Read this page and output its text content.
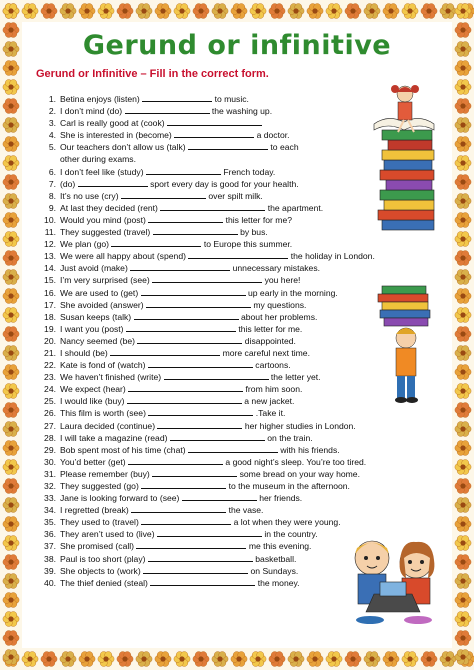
Gerund or infinitive
Gerund or Infinitive – Fill in the correct form.
1. Betina enjoys (listen)	to music.
2. I don’t mind (do)	the washing up.
3. Carl is really good at (cook)
4. She is interested in (become)	a doctor.
5. Our teachers don’t allow us (talk)	to each
other during exams.
6. I don’t feel like (study)	French today.
7. (do)	sport every day is good for your health.
8. It’s no use (cry)	over spilt milk.
9. At last they decided (rent)	the apartment.
10. Would you mind (post)	this letter for me?
11. They suggested (travel)	by bus.
12. We plan (go)	to Europe this summer.
13. We were all happy about (spend)	the holiday in London.
14. Just avoid (make)	unnecessary mistakes.
15. I’m very surprised (see)	you here!
16. We are used to (get)	up early in the morning.
17. She avoided (answer)	my questions.
18. Susan keeps (talk)	about her problems.
19. I want you (post)	this letter for me.
20. Nancy seemed (be)	disappointed.
21. I should (be)	more careful next time.
22. Kate is fond of (watch)	cartoons.
23. We haven’t finished (write)	the letter yet.
24. We expect (hear)	from him soon.
25. I would like (buy)	a new jacket.
26. This film is worth (see)	.Take it.
27. Laura decided (continue)	her higher studies in London.
28. I will take a magazine (read)	on the train.
29. Bob spent most of his time (chat)	with his friends.
30. You’d better (get)	a good night’s sleep. You’re too tired.
31. Please remember (buy)	some bread on your way home.
32. They suggested (go)	to the museum in the afternoon.
33. Jane is looking forward to (see)	her friends.
34. I regretted (break)	the vase.
35. They used to (travel)	a lot when they were young.
36. They aren’t used to (live)	in the country.
37. She promised (call)	me this evening.
38. Paul is too short (play)	basketball.
39. She objects to (work)	on Sundays.
40. The thief denied (steal)	the money.
